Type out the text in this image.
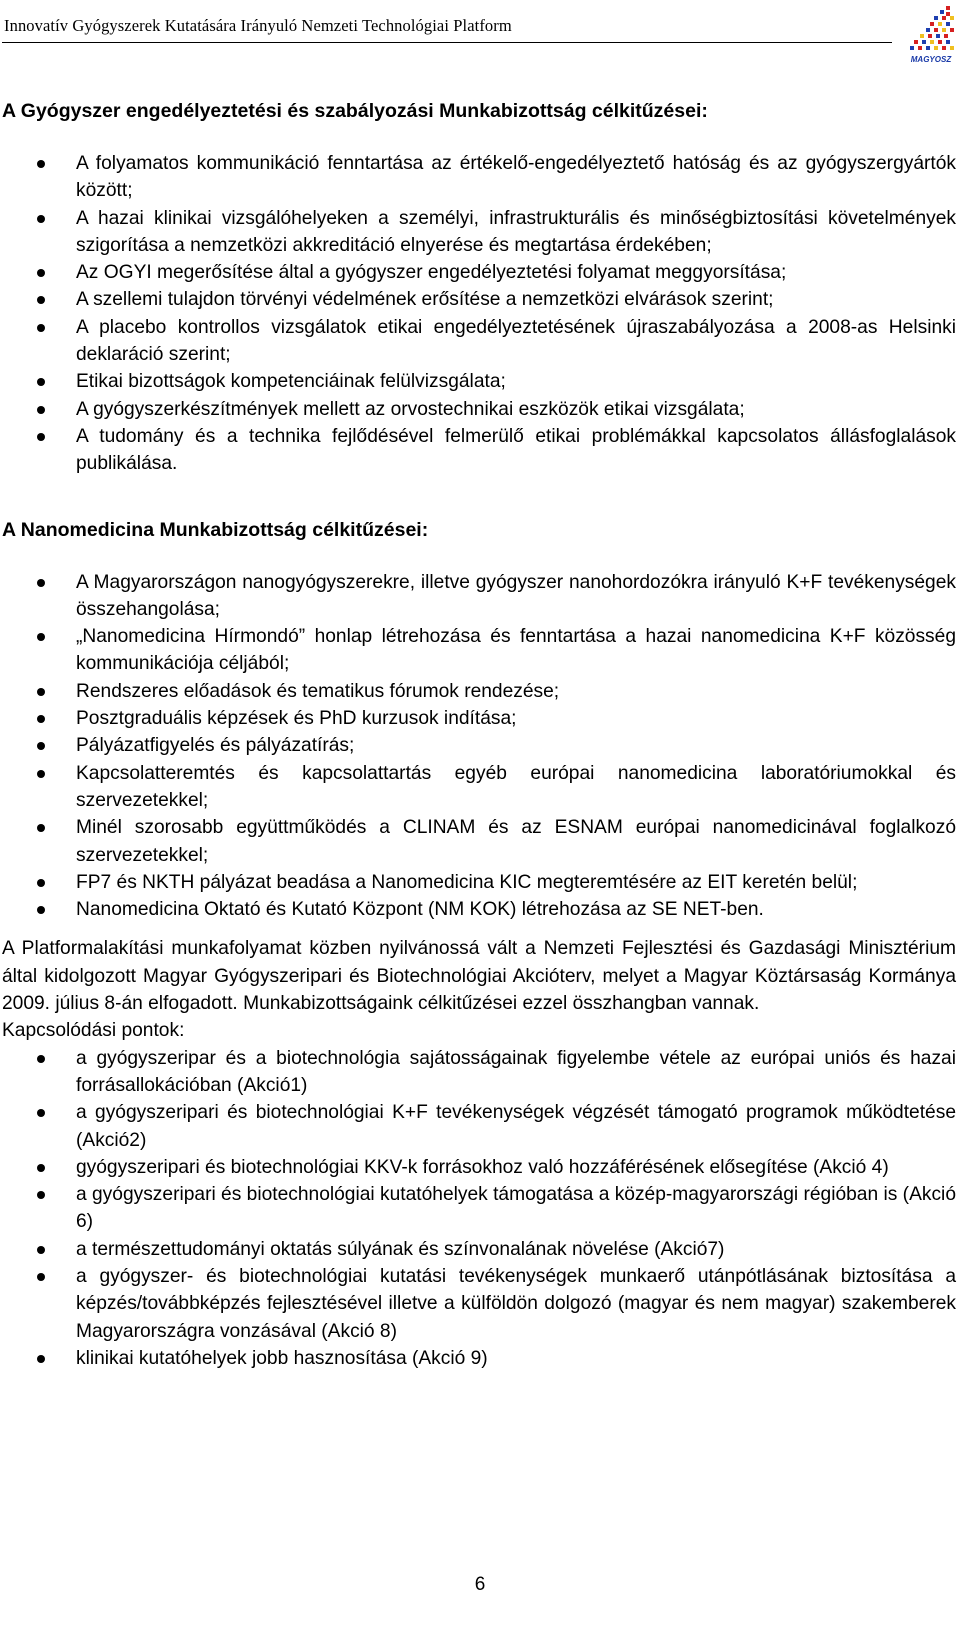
Innovatív Gyógyszerek Kutatására Irányuló Nemzeti Technológiai Platform
MAGYOSZ
A Gyógyszer engedélyeztetési és szabályozási Munkabizottság célkitűzései:
A folyamatos kommunikáció fenntartása az értékelő-engedélyeztető hatóság és az gyógyszergyártók között;
A hazai klinikai vizsgálóhelyeken a személyi, infrastrukturális és minőségbiztosítási követelmények szigorítása a nemzetközi akkreditáció elnyerése és megtartása érdekében;
Az OGYI megerősítése által a gyógyszer engedélyeztetési folyamat meggyorsítása;
A szellemi tulajdon törvényi védelmének erősítése a nemzetközi elvárások szerint;
A placebo kontrollos vizsgálatok etikai engedélyeztetésének újraszabályozása a 2008-as Helsinki deklaráció szerint;
Etikai bizottságok kompetenciáinak felülvizsgálata;
A gyógyszerkészítmények mellett az orvostechnikai eszközök etikai vizsgálata;
A tudomány és a technika fejlődésével felmerülő etikai problémákkal kapcsolatos állásfoglalások publikálása.
A Nanomedicina Munkabizottság célkitűzései:
A Magyarországon nanogyógyszerekre, illetve gyógyszer nanohordozókra irányuló K+F tevékenységek összehangolása;
„Nanomedicina Hírmondó” honlap létrehozása és fenntartása a hazai nanomedicina K+F közösség kommunikációja céljából;
Rendszeres előadások és tematikus fórumok rendezése;
Posztgraduális képzések és PhD kurzusok indítása;
Pályázatfigyelés és pályázatírás;
Kapcsolatteremtés és kapcsolattartás egyéb európai nanomedicina laboratóriumokkal és szervezetekkel;
Minél szorosabb együttműködés a CLINAM és az ESNAM európai nanomedicinával foglalkozó szervezetekkel;
FP7 és NKTH pályázat beadása a Nanomedicina KIC megteremtésére az EIT keretén belül;
Nanomedicina Oktató és Kutató Központ (NM KOK) létrehozása az SE NET-ben.

A Platformalakítási munkafolyamat közben nyilvánossá vált a Nemzeti Fejlesztési és Gazdasági Minisztérium által kidolgozott Magyar Gyógyszeripari és Biotechnológiai Akcióterv, melyet a Magyar Köztársaság Kormánya 2009. július 8-án elfogadott. Munkabizottságaink célkitűzései ezzel összhangban vannak.

Kapcsolódási pontok:

a gyógyszeripar és a biotechnológia sajátosságainak figyelembe vétele az európai uniós és hazai forrásallokációban (Akció1)
a gyógyszeripari és biotechnológiai K+F tevékenységek végzését támogató programok működtetése (Akció2)
gyógyszeripari és biotechnológiai KKV-k forrásokhoz való hozzáférésének elősegítése (Akció 4)
a gyógyszeripari és biotechnológiai kutatóhelyek támogatása a közép-magyarországi régióban is (Akció 6)
a természettudományi oktatás súlyának és színvonalának növelése (Akció7)
a gyógyszer- és biotechnológiai kutatási tevékenységek munkaerő utánpótlásának biztosítása a képzés/továbbképzés fejlesztésével illetve a külföldön dolgozó (magyar és nem magyar) szakemberek Magyarországra vonzásával (Akció 8)
klinikai kutatóhelyek jobb hasznosítása (Akció 9)
6
